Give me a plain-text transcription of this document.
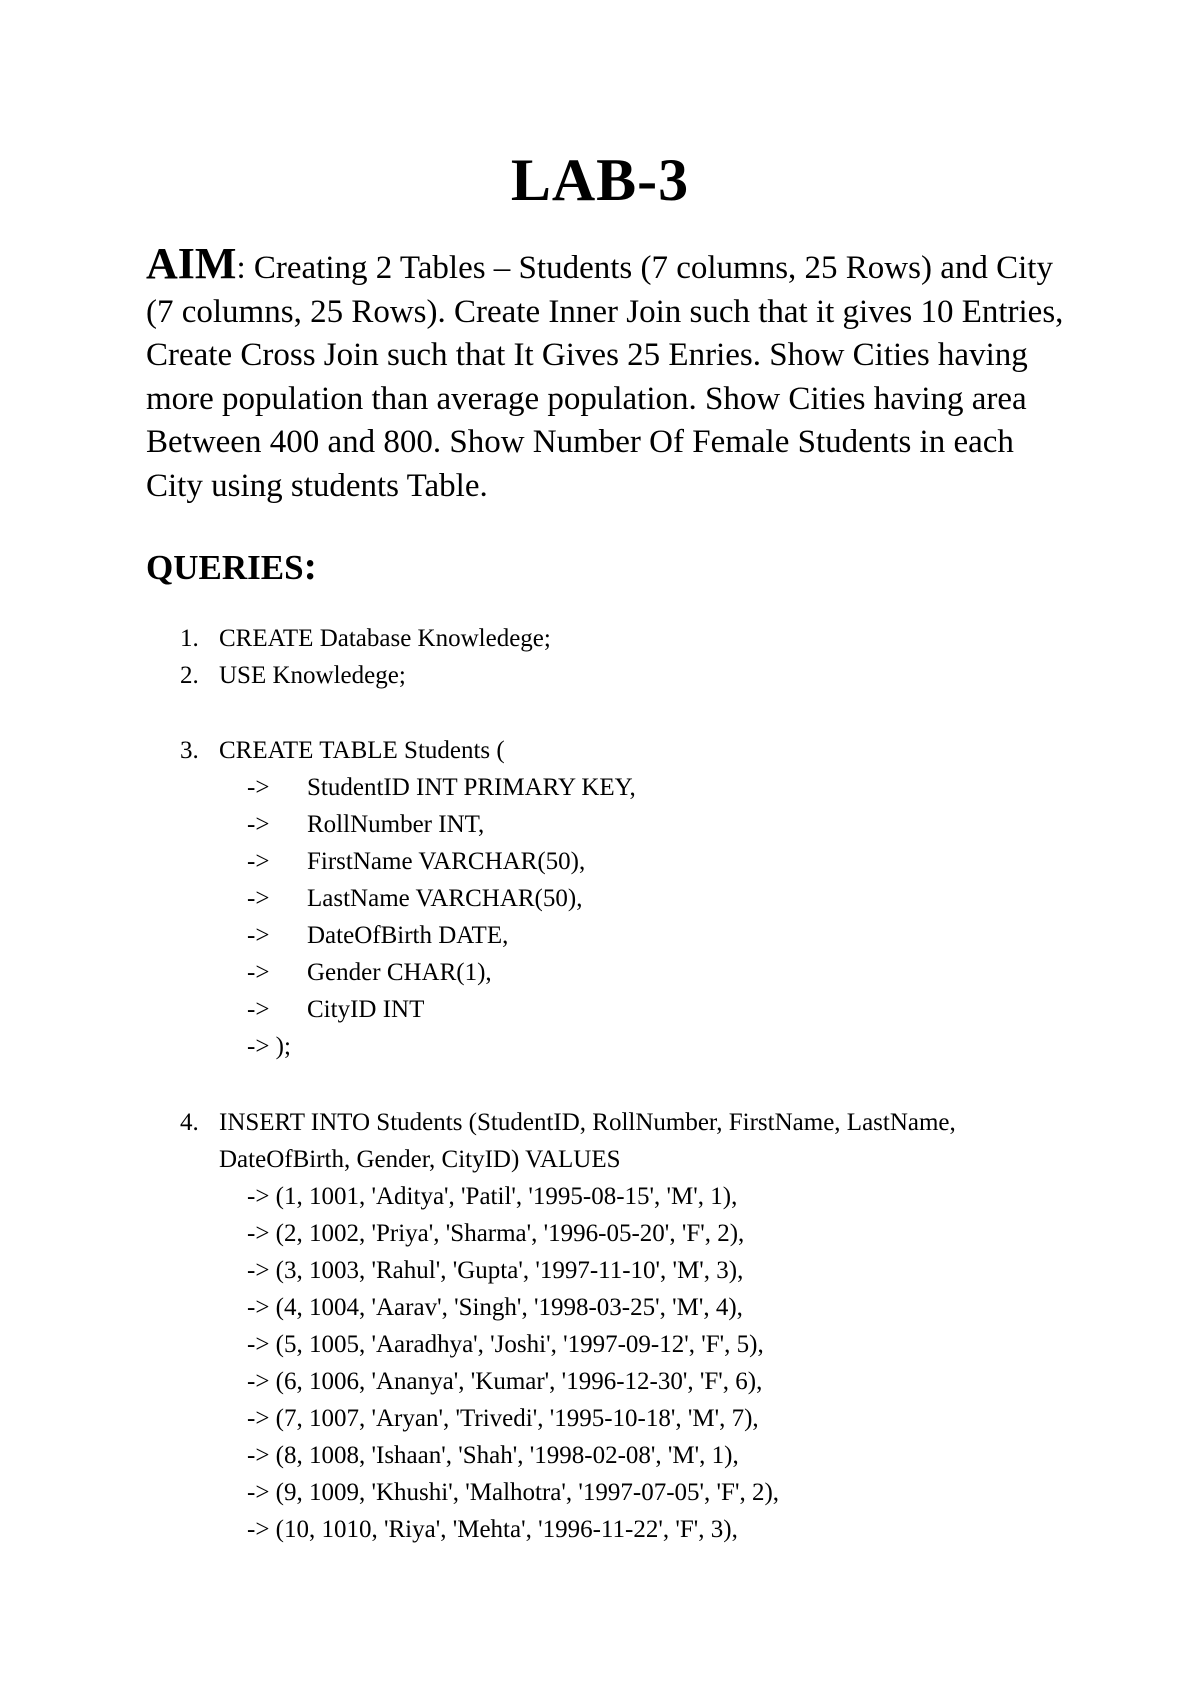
LAB-3
AIM: Creating 2 Tables – Students (7 columns, 25 Rows) and City (7 columns, 25 Rows). Create Inner Join such that it gives 10 Entries, Create Cross Join such that It Gives 25 Enries. Show Cities having more population than average population. Show Cities having area Between 400 and 800. Show Number Of Female Students in each City using students Table.
QUERIES:
1. CREATE Database Knowledege;
2. USE Knowledege;
3. CREATE TABLE Students (
-> StudentID INT PRIMARY KEY,
-> RollNumber INT,
-> FirstName VARCHAR(50),
-> LastName VARCHAR(50),
-> DateOfBirth DATE,
-> Gender CHAR(1),
-> CityID INT
-> );
4. INSERT INTO Students (StudentID, RollNumber, FirstName, LastName,
DateOfBirth, Gender, CityID) VALUES
-> (1, 1001, 'Aditya', 'Patil', '1995-08-15', 'M', 1),
-> (2, 1002, 'Priya', 'Sharma', '1996-05-20', 'F', 2),
-> (3, 1003, 'Rahul', 'Gupta', '1997-11-10', 'M', 3),
-> (4, 1004, 'Aarav', 'Singh', '1998-03-25', 'M', 4),
-> (5, 1005, 'Aaradhya', 'Joshi', '1997-09-12', 'F', 5),
-> (6, 1006, 'Ananya', 'Kumar', '1996-12-30', 'F', 6),
-> (7, 1007, 'Aryan', 'Trivedi', '1995-10-18', 'M', 7),
-> (8, 1008, 'Ishaan', 'Shah', '1998-02-08', 'M', 1),
-> (9, 1009, 'Khushi', 'Malhotra', '1997-07-05', 'F', 2),
-> (10, 1010, 'Riya', 'Mehta', '1996-11-22', 'F', 3),
